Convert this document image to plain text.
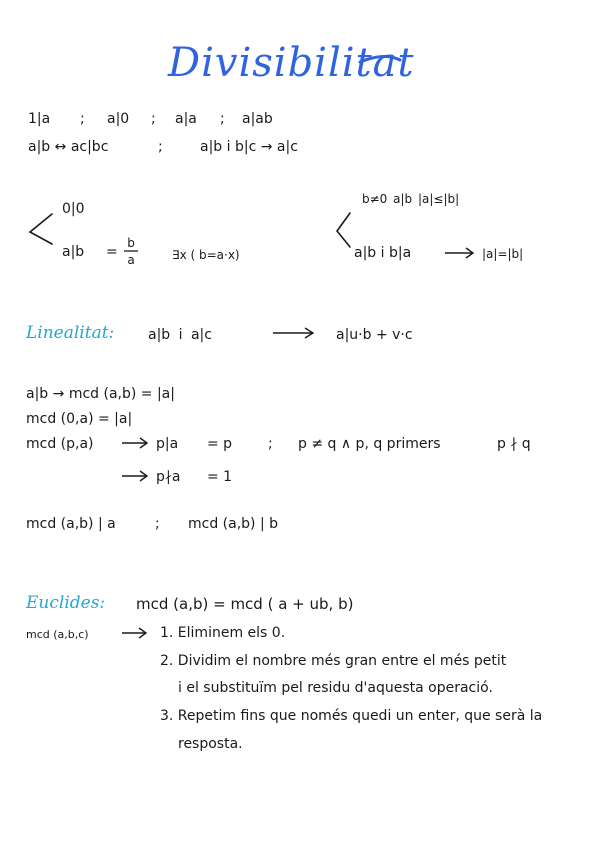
Divisibilitat
1|a ; a|0 ; a|a ; a|ab
a|b ↔ ac|bc	;	a|b i b|c → a|c
0|0
a|b =
b
a	∃x ( b=a·x)
b≠0 a|b |a|≤|b|
a|b i b|a	|a|=|b|
Linealitat: a|b i a|c	a|u·b + v·c
a|b → mcd (a,b) = |a|
mcd (0,a) = |a|
mcd (p,a)	p|a = p	; p ≠ q ∧ p, q primers	p ∤ q
p∤a = 1
mcd (a,b) | a	; mcd (a,b) | b
Euclides: mcd (a,b) = mcd ( a + ub, b)
mcd (a,b,c)	1. Eliminem els 0.
2. Dividim el nombre més gran entre el més petit
i el substituïm pel residu d'aquesta operació.
3. Repetim fins que només quedi un enter, que serà la
resposta.
